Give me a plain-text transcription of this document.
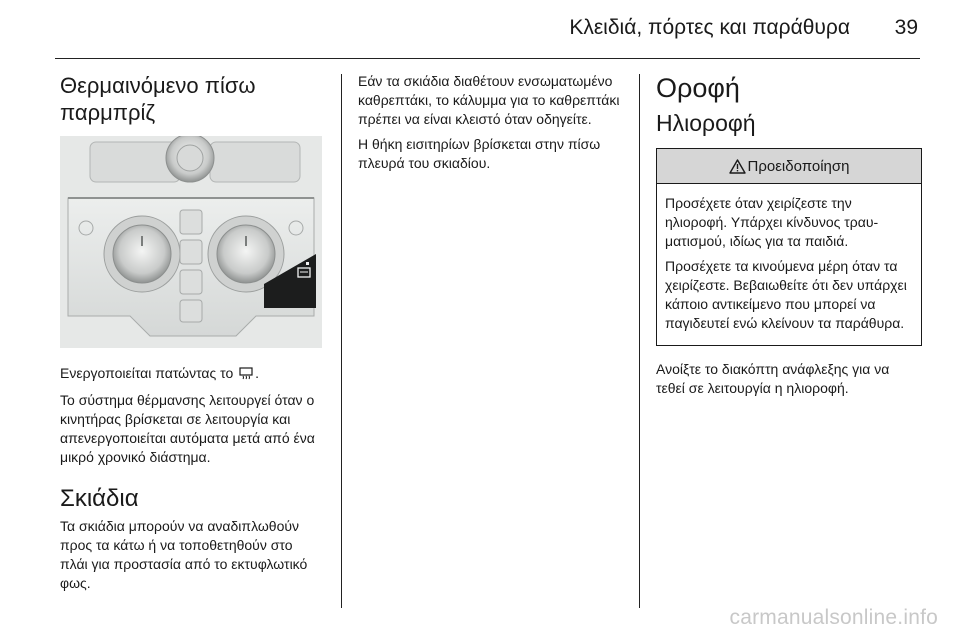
Κλειδιά, πόρτες και παράθυρα 39
Θερμαινόμενο πίσω
παρμπρίζ

Ενεργοποιείται πατώντας το .

Το σύστημα θέρμανσης λειτουργεί όταν ο κινητήρας βρίσκεται σε λειτουργία και απενεργοποιείται αυτόματα μετά από ένα μικρό χρονικό διάστημα.

Σκιάδια

Τα σκιάδια μπορούν να αναδιπλωθούν προς τα κάτω ή να τοποθετηθούν στο πλάι για προστασία από το εκτυφλωτικό φως.

Εάν τα σκιάδια διαθέτουν ενσωματωμένο καθρεπτάκι, το κάλυμμα για το καθρεπτάκι πρέπει να είναι κλειστό όταν οδηγείτε.

Η θήκη εισιτηρίων βρίσκεται στην πίσω πλευρά του σκιαδίου.

Οροφή
Ηλιοροφή
Προειδοποίηση

Προσέχετε όταν χειρίζεστε την ηλιοροφή. Υπάρχει κίνδυνος τραυματισμού, ιδίως για τα παιδιά.

Προσέχετε τα κινούμενα μέρη όταν τα χειρίζεστε. Βεβαιωθείτε ότι δεν υπάρχει κάποιο αντικείμενο που μπορεί να παγιδευτεί ενώ κλείνουν τα παράθυρα.

Ανοίξτε το διακόπτη ανάφλεξης για να τεθεί σε λειτουργία η ηλιοροφή.

carmanualsonline.info
